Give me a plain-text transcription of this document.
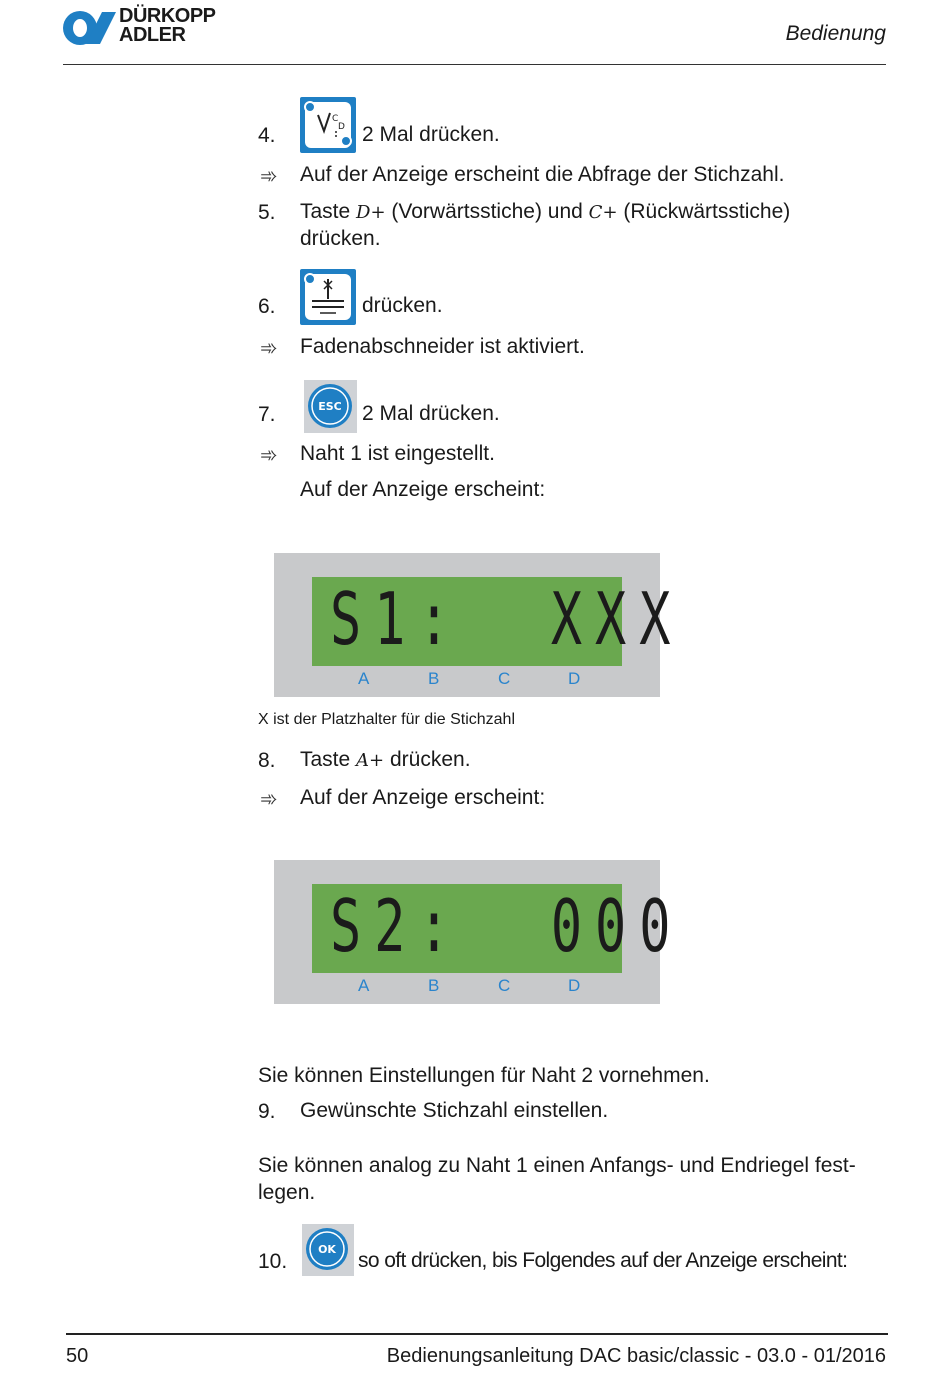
DÜRKOPP
ADLER	Bedienung
4.
C
D 2 Mal drücken.
➾ Auf der Anzeige erscheint die Abfrage der Stichzahl.
5. Taste D+ (Vorwärtsstiche) und C+ (Rückwärtsstiche)
drücken.
6.	drücken.
➾ Fadenabschneider ist aktiviert.
7.	ESC 2 Mal drücken.
➾ Naht 1 ist eingestellt.
Auf der Anzeige erscheint:
S1:  XXX
A	B	C	D
X ist der Platzhalter für die Stichzahl
8. Taste A+ drücken.
➾ Auf der Anzeige erscheint:
S2:  000
A	B	C	D
Sie können Einstellungen für Naht 2 vornehmen.
9. Gewünschte Stichzahl einstellen.
Sie können analog zu Naht 1 einen Anfangs- und Endriegel fest-
legen.
10.
OK so oft drücken, bis Folgendes auf der Anzeige erscheint:
50	Bedienungsanleitung DAC basic/classic - 03.0 - 01/2016
